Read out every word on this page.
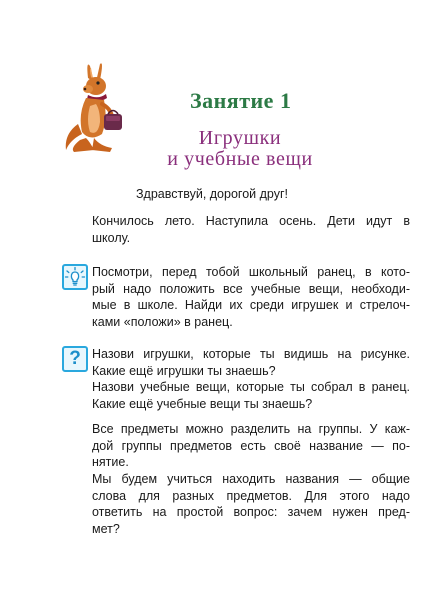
Занятие 1
Игрушки
и учебные вещи
Здравствуй, дорогой друг!
Кончилось лето. Наступила осень. Дети идут в
школу.
Посмотри, перед тобой школьный ранец, в кото-
рый надо положить все учебные вещи, необходи-
мые в школе. Найди их среди игрушек и стрелоч-
ками «положи» в ранец.
? Назови игрушки, которые ты видишь на рисунке.
Какие ещё игрушки ты знаешь?
Назови учебные вещи, которые ты собрал в ранец.
Какие ещё учебные вещи ты знаешь?
Все предметы можно разделить на группы. У каж-
дой группы предметов есть своё название — по-
нятие.
Мы будем учиться находить названия — общие
слова для разных предметов. Для этого надо
ответить на простой вопрос: зачем нужен пред-
мет?
